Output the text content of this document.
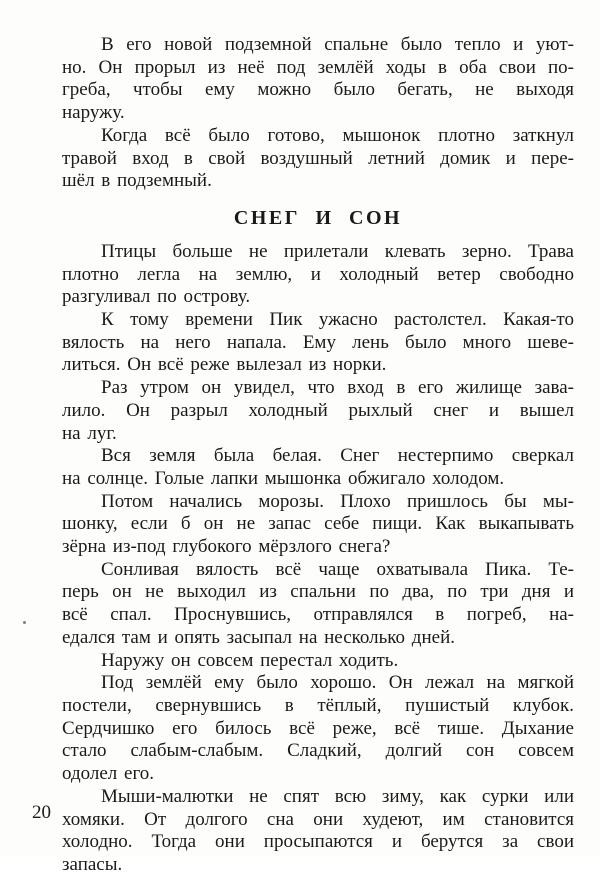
В его новой подземной спальне было тепло и уют-
но. Он прорыл из неё под землёй ходы в оба свои по-
греба, чтобы ему можно было бегать, не выходя
наружу.
Когда всё было готово, мышонок плотно заткнул
травой вход в свой воздушный летний домик и пере-
шёл в подземный.
СНЕГ И СОН
Птицы больше не прилетали клевать зерно. Трава
плотно легла на землю, и холодный ветер свободно
разгуливал по острову.
К тому времени Пик ужасно растолстел. Какая-то
вялость на него напала. Ему лень было много шеве-
литься. Он всё реже вылезал из норки.
Раз утром он увидел, что вход в его жилище зава-
лило. Он разрыл холодный рыхлый снег и вышел
на луг.
Вся земля была белая. Снег нестерпимо сверкал
на солнце. Голые лапки мышонка обжигало холодом.
Потом начались морозы. Плохо пришлось бы мы-
шонку, если б он не запас себе пищи. Как выкапывать
зёрна из-под глубокого мёрзлого снега?
Сонливая вялость всё чаще охватывала Пика. Те-
перь он не выходил из спальни по два, по три дня и
всё спал. Проснувшись, отправлялся в погреб, на-
едался там и опять засыпал на несколько дней.
Наружу он совсем перестал ходить.
Под землёй ему было хорошо. Он лежал на мягкой
постели, свернувшись в тёплый, пушистый клубок.
Сердчишко его билось всё реже, всё тише. Дыхание
стало слабым-слабым. Сладкий, долгий сон совсем
одолел его.
Мыши-малютки не спят всю зиму, как сурки или
хомяки. От долгого сна они худеют, им становится
холодно. Тогда они просыпаются и берутся за свои
запасы.
20
